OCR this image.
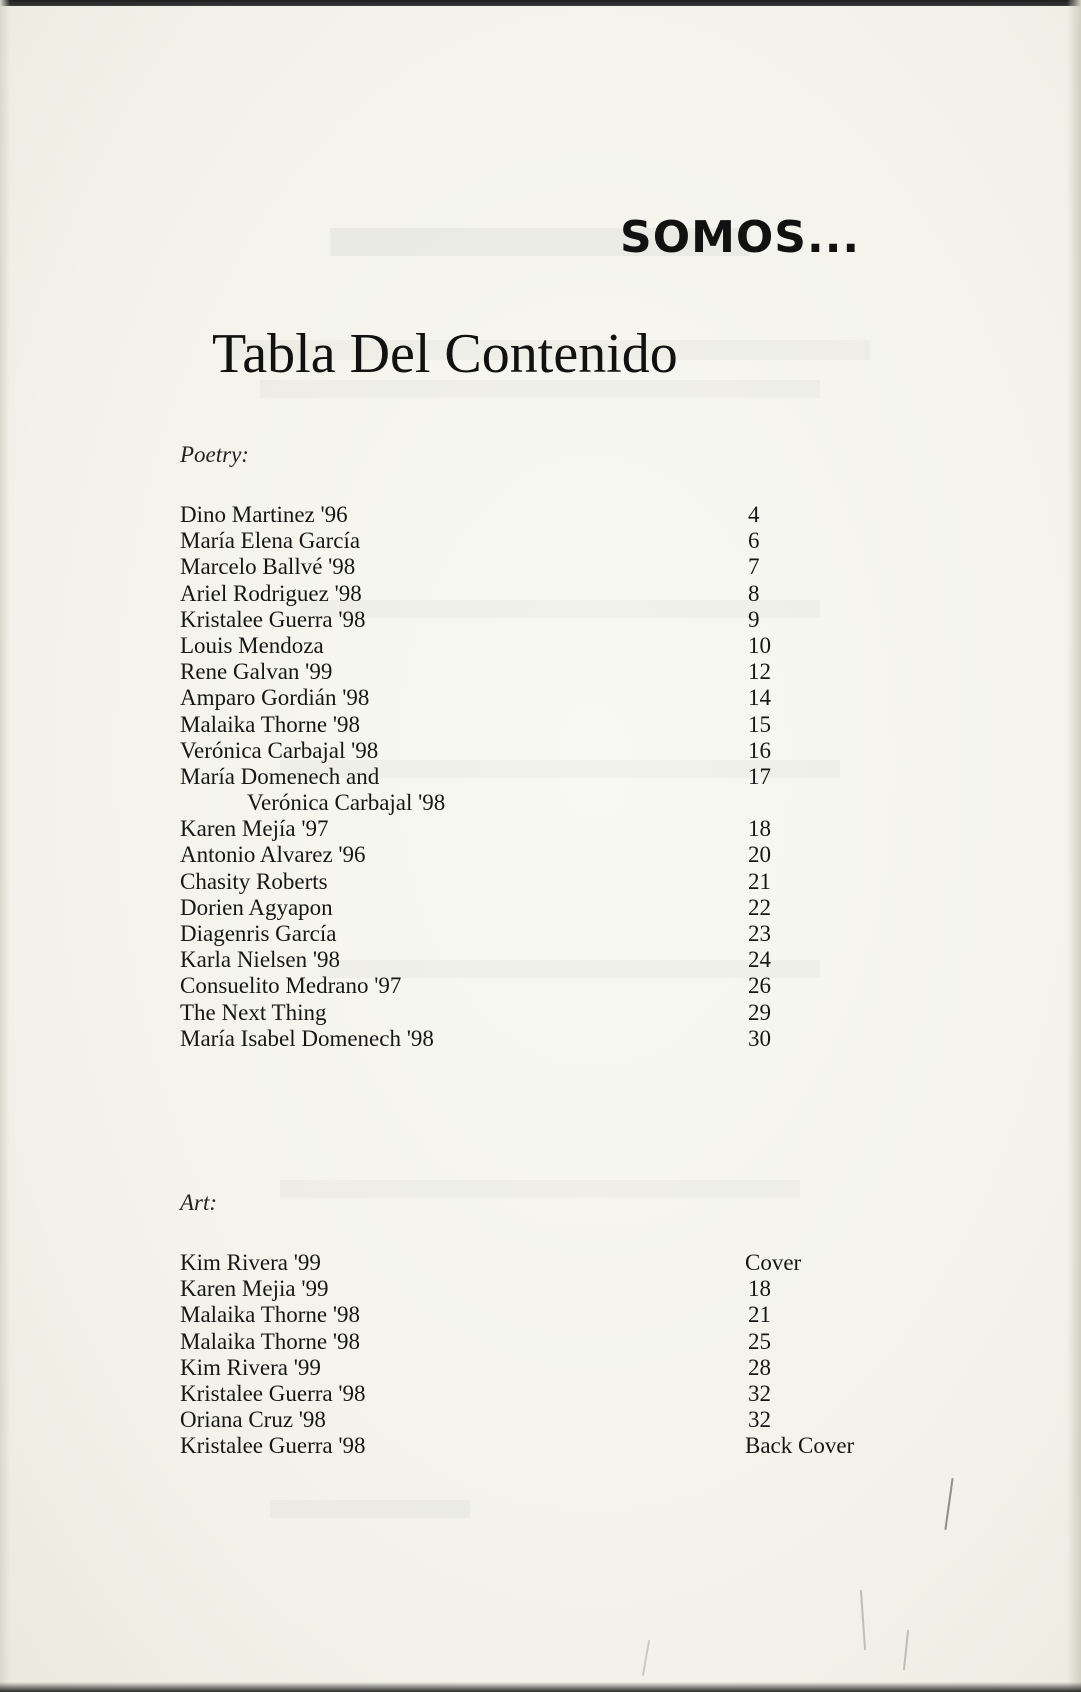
SOMOS...
Tabla Del Contenido
Poetry:
Dino Martinez '96	4
María Elena García	6
Marcelo Ballvé '98	7
Ariel Rodriguez '98	8
Kristalee Guerra '98	9
Louis Mendoza	10
Rene Galvan '99	12
Amparo Gordián '98	14
Malaika Thorne '98	15
Verónica Carbajal '98	16
María Domenech and	17
Verónica Carbajal '98
Karen Mejía '97	18
Antonio Alvarez '96	20
Chasity Roberts	21
Dorien Agyapon	22
Diagenris García	23
Karla Nielsen '98	24
Consuelito Medrano '97	26
The Next Thing	29
María Isabel Domenech '98	30
Art:
Kim Rivera '99	Cover
Karen Mejia '99	18
Malaika Thorne '98	21
Malaika Thorne '98	25
Kim Rivera '99	28
Kristalee Guerra '98	32
Oriana Cruz '98	32
Kristalee Guerra '98	Back Cover
